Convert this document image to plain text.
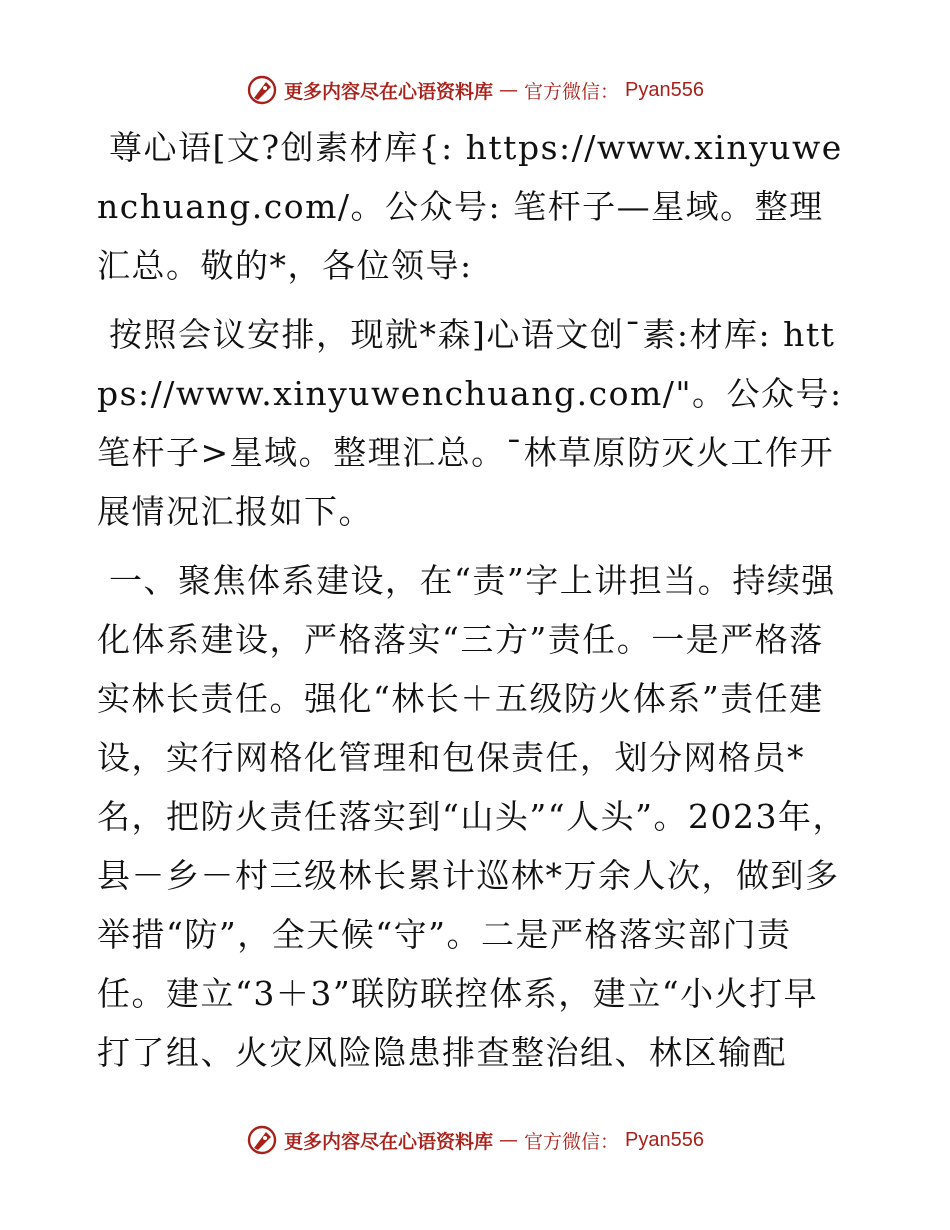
更多内容尽在心语资料库 — 官方微信： Pyan556

尊心语[文?创素材库{: https://www.xinyuwenchuang.com/。公众号: 笔杆子—星域。整理汇总。敬的*，各位领导:

按照会议安排，现就*森]心语文创¯素:材库: https://www.xinyuwenchuang.com/"。公众号: 笔杆子>星域。整理汇总。¯林草原防灭火工作开展情况汇报如下。

一、聚焦体系建设，在“责”字上讲担当。持续强化体系建设，严格落实“三方”责任。一是严格落实林长责任。强化“林长＋五级防火体系”责任建设，实行网格化管理和包保责任，划分网格员*名，把防火责任落实到“山头”“人头”。2023年，县－乡－村三级林长累计巡林*万余人次，做到多举措“防”，全天候“守”。二是严格落实部门责任。建立“3＋3”联防联控体系，建立“小火打早打了组、火灾风险隐患排查整治组、林区输配

更多内容尽在心语资料库 — 官方微信： Pyan556
